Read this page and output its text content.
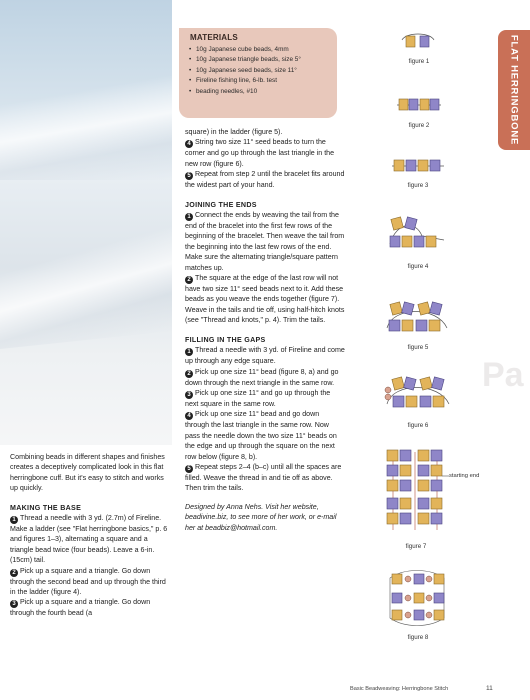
MATERIALS
• 10g Japanese cube beads, 4mm
• 10g Japanese triangle beads, size 5°
• 10g Japanese seed beads, size 11°
• Fireline fishing line, 6-lb. test
• beading needles, #10

square) in the ladder (figure 5).

4 String two size 11° seed beads to turn the corner and go up through the last triangle in the new row (figure 6).

5 Repeat from step 2 until the bracelet fits around the widest part of your hand.

JOINING THE ENDS

1 Connect the ends by weaving the tail from the end of the bracelet into the first few rows of the beginning of the bracelet. Then weave the tail from the beginning into the last few rows of the end. Make sure the alternating triangle/square pattern matches up.

2 The square at the edge of the last row will not have two size 11° seed beads next to it. Add these beads as you weave the ends together (figure 7). Weave in the tails and tie off, using half-hitch knots (see "Thread and knots," p. 4). Trim the tails.

FILLING IN THE GAPS

1 Thread a needle with 3 yd. of Fireline and come up through any edge square.

2 Pick up one size 11° bead (figure 8, a) and go down through the next triangle in the same row.

3 Pick up one size 11° and go up through the next square in the same row.

4 Pick up one size 11° bead and go down through the last triangle in the same row. Now pass the needle down the two size 11° beads on the edge and up through the square on the next row below (figure 8, b).

5 Repeat steps 2–4 (b–c) until all the spaces are filled. Weave the thread in and tie off as above. Then trim the tails.

Designed by Anna Nehs. Visit her website, beadivine.biz, to see more of her work, or e-mail her at beadbiz@hotmail.com.

Combining beads in different shapes and finishes creates a deceptively complicated look in this flat herringbone cuff. But it's easy to stitch and works up quickly.

MAKING THE BASE

1 Thread a needle with 3 yd. (2.7m) of Fireline. Make a ladder (see "Flat herringbone basics," p. 6 and figures 1–3), alternating a square and a triangle bead twice (four beads). Leave a 6-in. (15cm) tail.

2 Pick up a square and a triangle. Go down through the second bead and up through the third in the ladder (figure 4).

3 Pick up a square and a triangle. Go down through the fourth bead (a

FLAT HERRINGBONE
Pa
figure 1
figure 2
figure 3
figure 4
figure 5
figure 6
starting end
figure 7
figure 8
Basic Beadweaving: Herringbone Stitch	11
